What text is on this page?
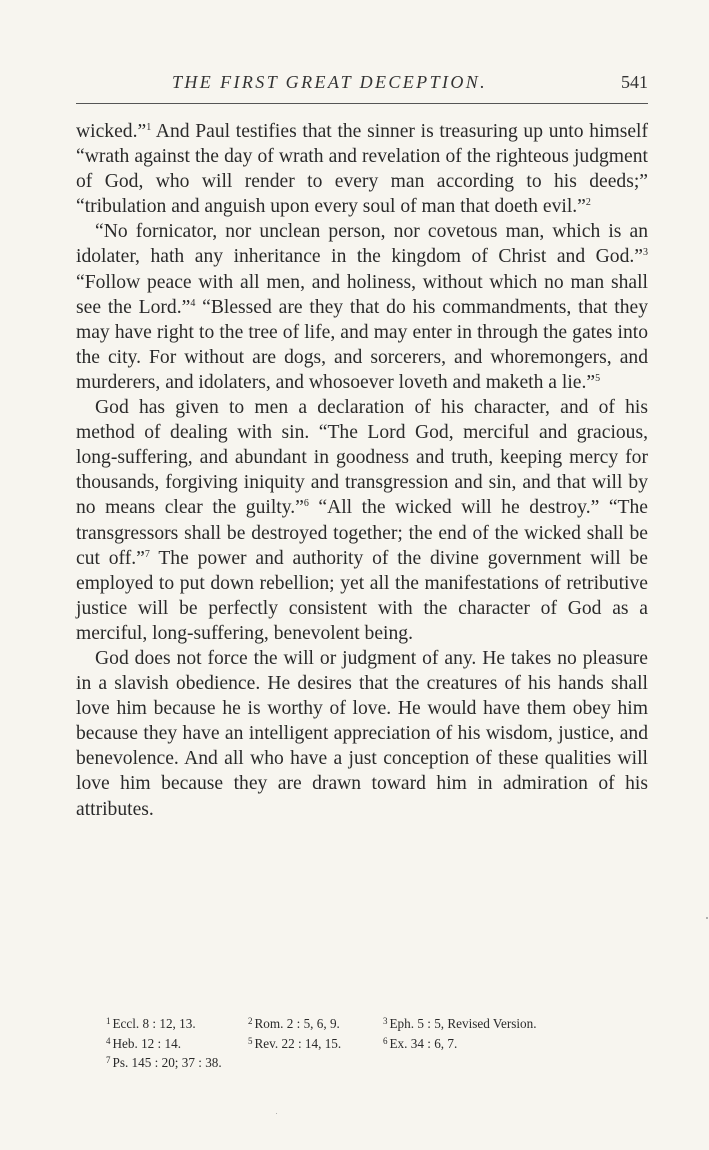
THE FIRST GREAT DECEPTION.	541

wicked.”$^1$ And Paul testifies that the sinner is treasuring up unto himself “wrath against the day of wrath and revelation of the righteous judgment of God, who will render to every man according to his deeds;” “tribulation and anguish upon every soul of man that doeth evil.”$^2$

“No fornicator, nor unclean person, nor covetous man, which is an idolater, hath any inheritance in the kingdom of Christ and God.”$^3$ “Follow peace with all men, and holiness, without which no man shall see the Lord.”$^4$ “Blessed are they that do his commandments, that they may have right to the tree of life, and may enter in through the gates into the city. For without are dogs, and sorcerers, and whoremongers, and murderers, and idolaters, and whosoever loveth and maketh a lie.”$^5$

God has given to men a declaration of his character, and of his method of dealing with sin. “The Lord God, merciful and gracious, long-suffering, and abundant in goodness and truth, keeping mercy for thousands, forgiving iniquity and transgression and sin, and that will by no means clear the guilty.”$^6$ “All the wicked will he destroy.” “The transgressors shall be destroyed together; the end of the wicked shall be cut off.”$^7$ The power and authority of the divine government will be employed to put down rebellion; yet all the manifestations of retributive justice will be perfectly consistent with the character of God as a merciful, long-suffering, benevolent being.

God does not force the will or judgment of any. He takes no pleasure in a slavish obedience. He desires that the creatures of his hands shall love him because he is worthy of love. He would have them obey him because they have an intelligent appreciation of his wisdom, justice, and benevolence. And all who have a just conception of these qualities will love him because they are drawn toward him in admiration of his attributes.

$^1$ Eccl. 8 : 12, 13.	$^2$ Rom. 2 : 5, 6, 9.	$^3$ Eph. 5 : 5, Revised Version.
$^4$ Heb. 12 : 14.	$^5$ Rev. 22 : 14, 15.	$^6$ Ex. 34 : 6, 7.
$^7$ Ps. 145 : 20; 37 : 38.
